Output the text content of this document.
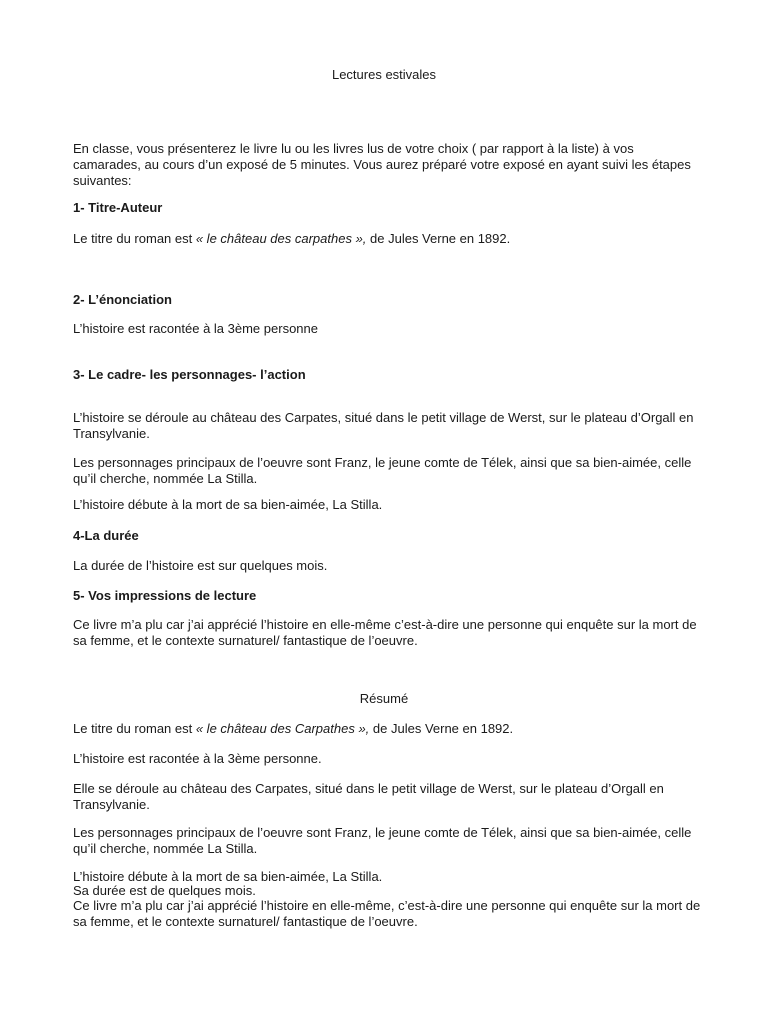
Lectures estivales

En classe, vous présenterez le livre lu ou les livres lus de votre choix ( par rapport à la liste) à vos camarades, au cours d’un exposé de 5 minutes. Vous aurez préparé votre exposé en ayant suivi les étapes suivantes:

1- Titre-Auteur

Le titre du roman est « le château des carpathes », de Jules Verne en 1892.

2- L’énonciation

L’histoire est racontée à la 3ème personne

3- Le cadre- les personnages- l’action

L’histoire se déroule au château des Carpates, situé dans le petit village de Werst, sur le plateau d’Orgall en Transylvanie.

Les personnages principaux de l’oeuvre sont Franz, le jeune comte de Télek, ainsi que sa bien-aimée, celle qu’il cherche, nommée La Stilla.

L’histoire débute à la mort de sa bien-aimée, La Stilla.

4-La durée

La durée de l’histoire est sur quelques mois.

5- Vos impressions de lecture

Ce livre m’a plu car j’ai apprécié l’histoire en elle-même c’est-à-dire une personne qui enquête sur la mort de sa femme, et le contexte surnaturel/ fantastique de l’oeuvre.

Résumé

Le titre du roman est « le château des Carpathes », de Jules Verne en 1892.

L’histoire est racontée à la 3ème personne.

Elle se déroule au château des Carpates, situé dans le petit village de Werst, sur le plateau d’Orgall en Transylvanie.

Les personnages principaux de l’oeuvre sont Franz, le jeune comte de Télek, ainsi que sa bien-aimée, celle qu’il cherche, nommée La Stilla.

L’histoire débute à la mort de sa bien-aimée, La Stilla.

Sa durée est de quelques mois.

Ce livre m’a plu car j’ai apprécié l’histoire en elle-même, c’est-à-dire une personne qui enquête sur la mort de sa femme, et le contexte surnaturel/ fantastique de l’oeuvre.
